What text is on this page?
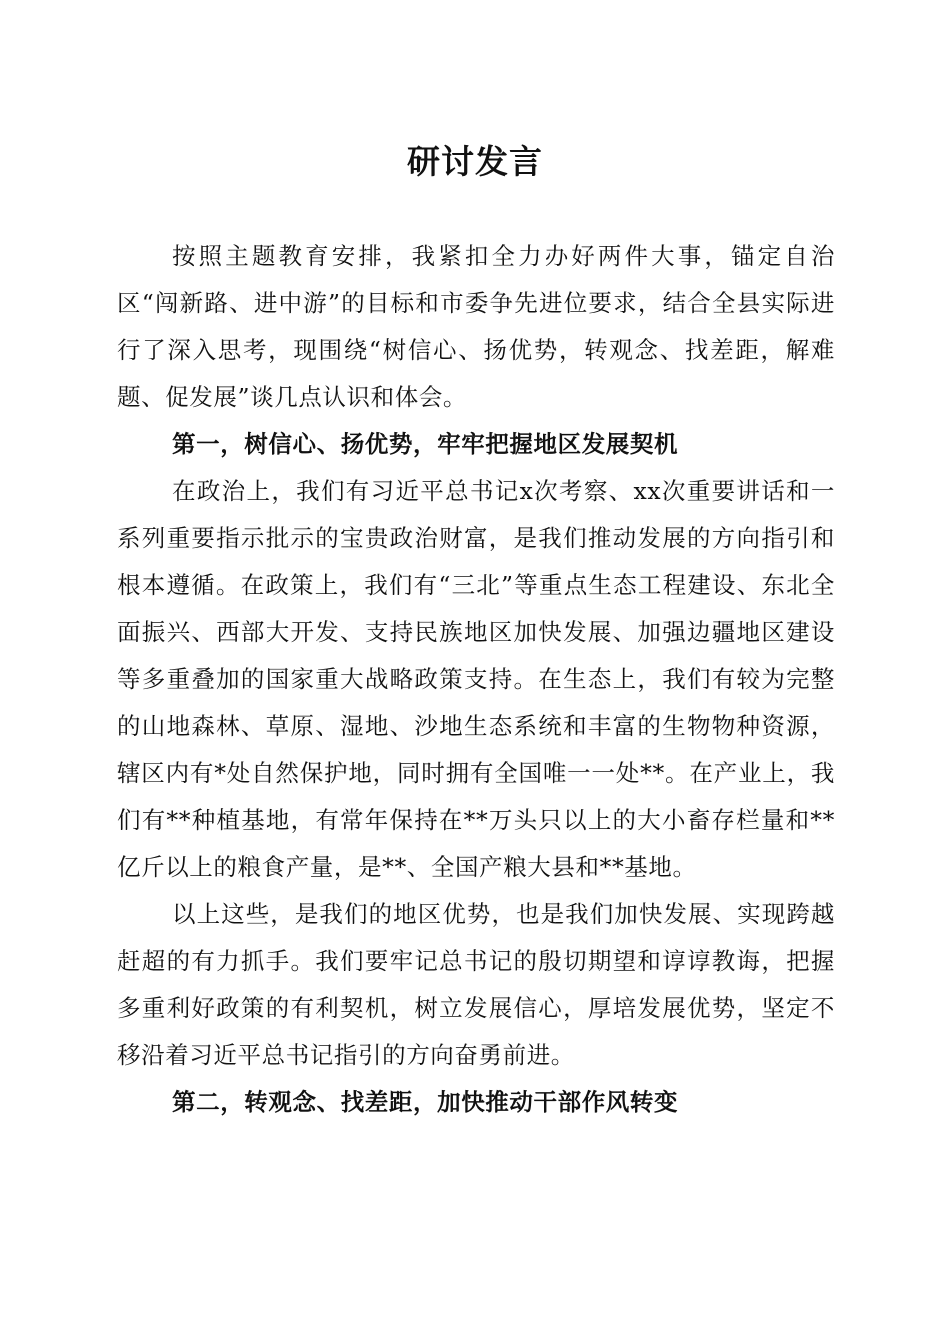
研讨发言

按照主题教育安排，我紧扣全力办好两件大事，锚定自治区“闯新路、进中游”的目标和市委争先进位要求，结合全县实际进行了深入思考，现围绕“树信心、扬优势，转观念、找差距，解难题、促发展”谈几点认识和体会。

第一，树信心、扬优势，牢牢把握地区发展契机

在政治上，我们有习近平总书记x次考察、xx次重要讲话和一系列重要指示批示的宝贵政治财富，是我们推动发展的方向指引和根本遵循。在政策上，我们有“三北”等重点生态工程建设、东北全面振兴、西部大开发、支持民族地区加快发展、加强边疆地区建设等多重叠加的国家重大战略政策支持。在生态上，我们有较为完整的山地森林、草原、湿地、沙地生态系统和丰富的生物物种资源，辖区内有*处自然保护地，同时拥有全国唯一一处**。在产业上，我们有**种植基地，有常年保持在**万头只以上的大小畜存栏量和**亿斤以上的粮食产量，是**、全国产粮大县和**基地。

以上这些，是我们的地区优势，也是我们加快发展、实现跨越赶超的有力抓手。我们要牢记总书记的殷切期望和谆谆教诲，把握多重利好政策的有利契机，树立发展信心，厚培发展优势，坚定不移沿着习近平总书记指引的方向奋勇前进。

第二，转观念、找差距，加快推动干部作风转变
